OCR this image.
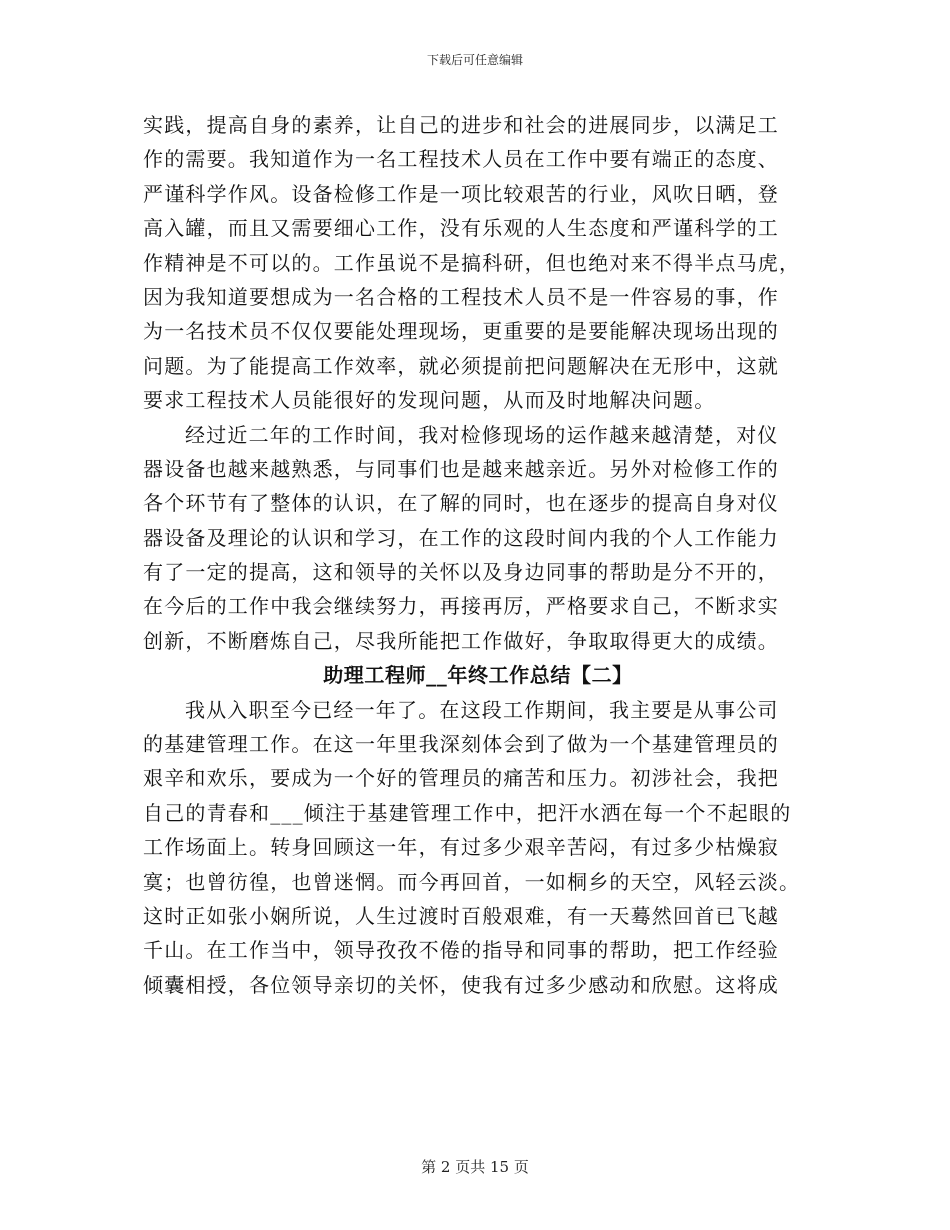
下载后可任意编辑
实践，提高自身的素养，让自己的进步和社会的进展同步，以满足工
作的需要。我知道作为一名工程技术人员在工作中要有端正的态度、
严谨科学作风。设备检修工作是一项比较艰苦的行业，风吹日晒，登
高入罐，而且又需要细心工作，没有乐观的人生态度和严谨科学的工
作精神是不可以的。工作虽说不是搞科研，但也绝对来不得半点马虎，
因为我知道要想成为一名合格的工程技术人员不是一件容易的事，作
为一名技术员不仅仅要能处理现场，更重要的是要能解决现场出现的
问题。为了能提高工作效率，就必须提前把问题解决在无形中，这就
要求工程技术人员能很好的发现问题，从而及时地解决问题。
经过近二年的工作时间，我对检修现场的运作越来越清楚，对仪
器设备也越来越熟悉，与同事们也是越来越亲近。另外对检修工作的
各个环节有了整体的认识，在了解的同时，也在逐步的提高自身对仪
器设备及理论的认识和学习，在工作的这段时间内我的个人工作能力
有了一定的提高，这和领导的关怀以及身边同事的帮助是分不开的，
在今后的工作中我会继续努力，再接再厉，严格要求自己，不断求实
创新，不断磨炼自己，尽我所能把工作做好，争取取得更大的成绩。
助理工程师__年终工作总结【二】
我从入职至今已经一年了。在这段工作期间，我主要是从事公司
的基建管理工作。在这一年里我深刻体会到了做为一个基建管理员的
艰辛和欢乐，要成为一个好的管理员的痛苦和压力。初涉社会，我把
自己的青春和___倾注于基建管理工作中，把汗水洒在每一个不起眼的
工作场面上。转身回顾这一年，有过多少艰辛苦闷，有过多少枯燥寂
寞；也曾彷徨，也曾迷惘。而今再回首，一如桐乡的天空，风轻云淡。
这时正如张小娴所说，人生过渡时百般艰难，有一天蓦然回首已飞越
千山。在工作当中，领导孜孜不倦的指导和同事的帮助，把工作经验
倾囊相授，各位领导亲切的关怀，使我有过多少感动和欣慰。这将成
第 2 页共 15 页
